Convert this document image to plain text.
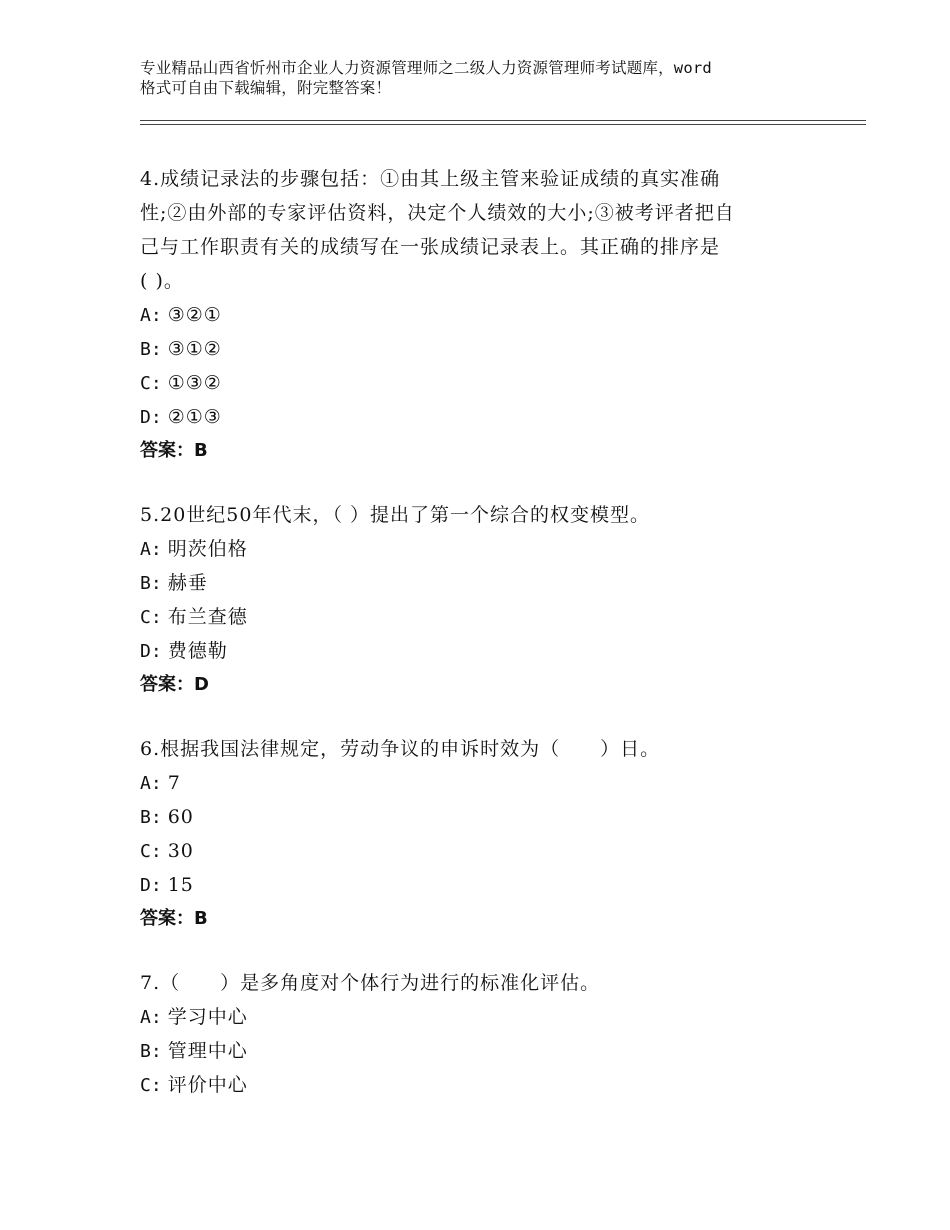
专业精品山西省忻州市企业人力资源管理师之二级人力资源管理师考试题库，word
格式可自由下载编辑，附完整答案！
4.成绩记录法的步骤包括：①由其上级主管来验证成绩的真实准确
性;②由外部的专家评估资料，决定个人绩效的大小;③被考评者把自
己与工作职责有关的成绩写在一张成绩记录表上。其正确的排序是
( )。
A: ③②①
B: ③①②
C: ①③②
D: ②①③
答案：B
5.20世纪50年代末，（ ）提出了第一个综合的权变模型。
A: 明茨伯格
B: 赫垂
C: 布兰查德
D: 费德勒
答案：D
6.根据我国法律规定，劳动争议的申诉时效为（　　）日。
A: 7
B: 60
C: 30
D: 15
答案：B
7.（　　）是多角度对个体行为进行的标准化评估。
A: 学习中心
B: 管理中心
C: 评价中心
